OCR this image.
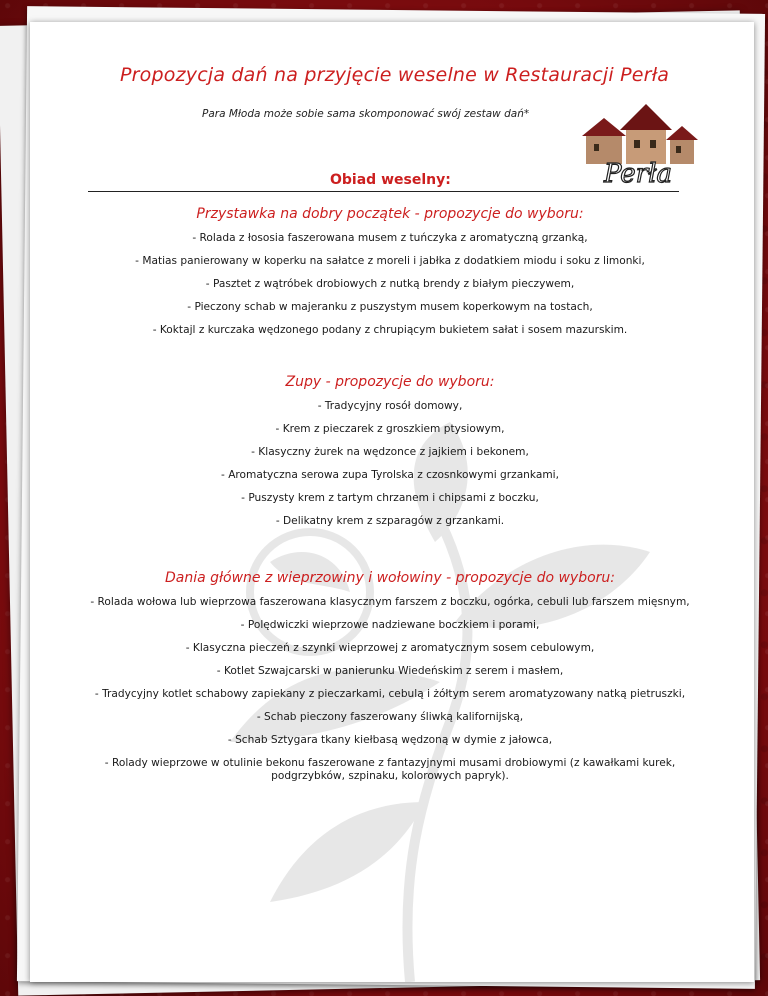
Propozycja dań na przyjęcie weselne w Restauracji Perła
Para Młoda może sobie sama skomponować swój zestaw dań*
Perła
Obiad weselny:
Przystawka na dobry początek - propozycje do wyboru:
- Rolada z łososia faszerowana musem z tuńczyka z aromatyczną grzanką,
- Matias panierowany w koperku na sałatce z moreli i jabłka z dodatkiem miodu i soku z limonki,
- Pasztet z wątróbek drobiowych z nutką brendy z białym pieczywem,
- Pieczony schab w majeranku z puszystym musem koperkowym na tostach,
- Koktajl z kurczaka wędzonego podany z chrupiącym bukietem sałat i sosem mazurskim.
Zupy - propozycje do wyboru:
- Tradycyjny rosół domowy,
- Krem z pieczarek z groszkiem ptysiowym,
- Klasyczny żurek na wędzonce z jajkiem i bekonem,
- Aromatyczna serowa zupa Tyrolska z czosnkowymi grzankami,
- Puszysty krem z tartym chrzanem i chipsami z boczku,
- Delikatny krem z szparagów z grzankami.
Dania główne z wieprzowiny i wołowiny - propozycje do wyboru:
- Rolada wołowa lub wieprzowa faszerowana klasycznym farszem z boczku, ogórka, cebuli lub farszem mięsnym,
- Polędwiczki wieprzowe nadziewane boczkiem i porami,
- Klasyczna pieczeń z szynki wieprzowej z aromatycznym sosem cebulowym,
- Kotlet Szwajcarski w panierunku Wiedeńskim z serem i masłem,
- Tradycyjny kotlet schabowy zapiekany z pieczarkami, cebulą i żółtym serem aromatyzowany natką pietruszki,
- Schab pieczony faszerowany śliwką kalifornijską,
- Schab Sztygara tkany kiełbasą wędzoną w dymie z jałowca,
- Rolady wieprzowe w otulinie bekonu faszerowane z fantazyjnymi musami drobiowymi (z kawałkami kurek, podgrzybków, szpinaku, kolorowych papryk).
